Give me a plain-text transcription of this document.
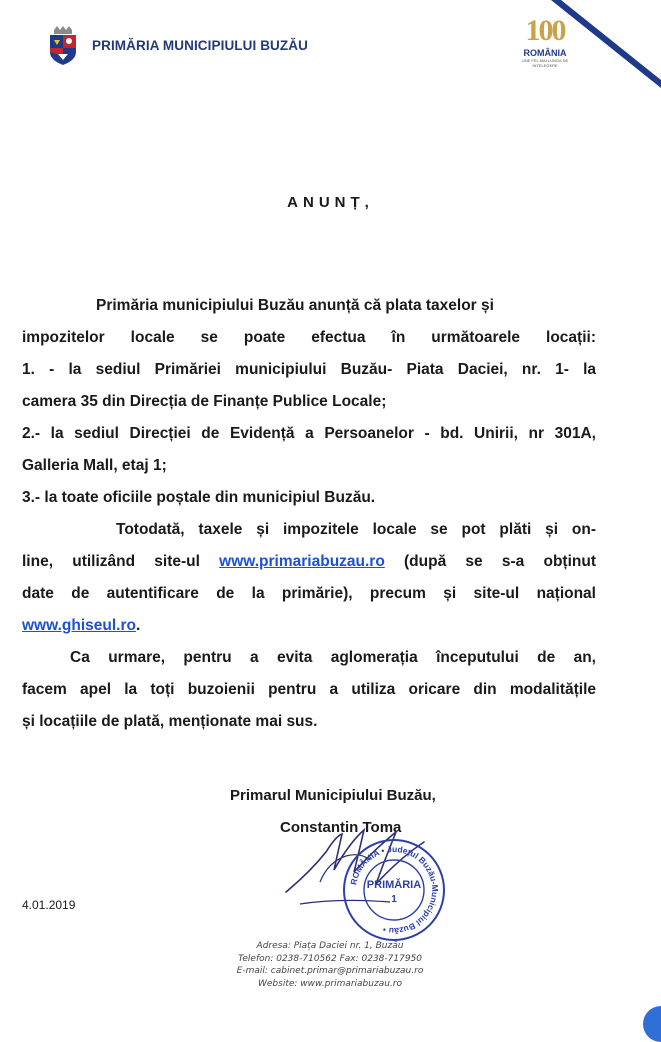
PRIMĂRIA MUNICIPIULUI BUZĂU	100
ROMÂNIA
UNE FEL MAI LUNGA DE INTELEGERE
ANUNȚ,

Primăria municipiului Buzău anunță că plata taxelor și

impozitelor locale se poate efectua în următoarele locații:

1. - la sediul Primăriei municipiului Buzău- Piata Daciei, nr. 1- la

camera 35 din Direcția de Finanțe Publice Locale;

2.- la sediul Direcției de Evidență a Persoanelor - bd. Unirii, nr 301A,

Galleria Mall, etaj 1;

3.- la toate oficiile poștale din municipiul Buzău.

Totodată, taxele și impozitele locale se pot plăti și on-

line, utilizând site-ul www.primariabuzau.ro (după se s-a obținut

date de autentificare de la primărie), precum și site-ul național

www.ghiseul.ro.

Ca urmare, pentru a evita aglomerația începutului de an,

facem apel la toți buzoienii pentru a utiliza oricare din modalitățile

și locațiile de plată, menționate mai sus.

Primarul Municipiului Buzău,
Constantin Toma
ROMÂNIA • Județul Buzău-Municipiul Buzău •
PRIMĂRIA
1
4.01.2019
Adresa: Piața Daciei nr. 1, Buzău
Telefon: 0238-710562 Fax: 0238-717950
E-mail: cabinet.primar@primariabuzau.ro
Website: www.primariabuzau.ro
